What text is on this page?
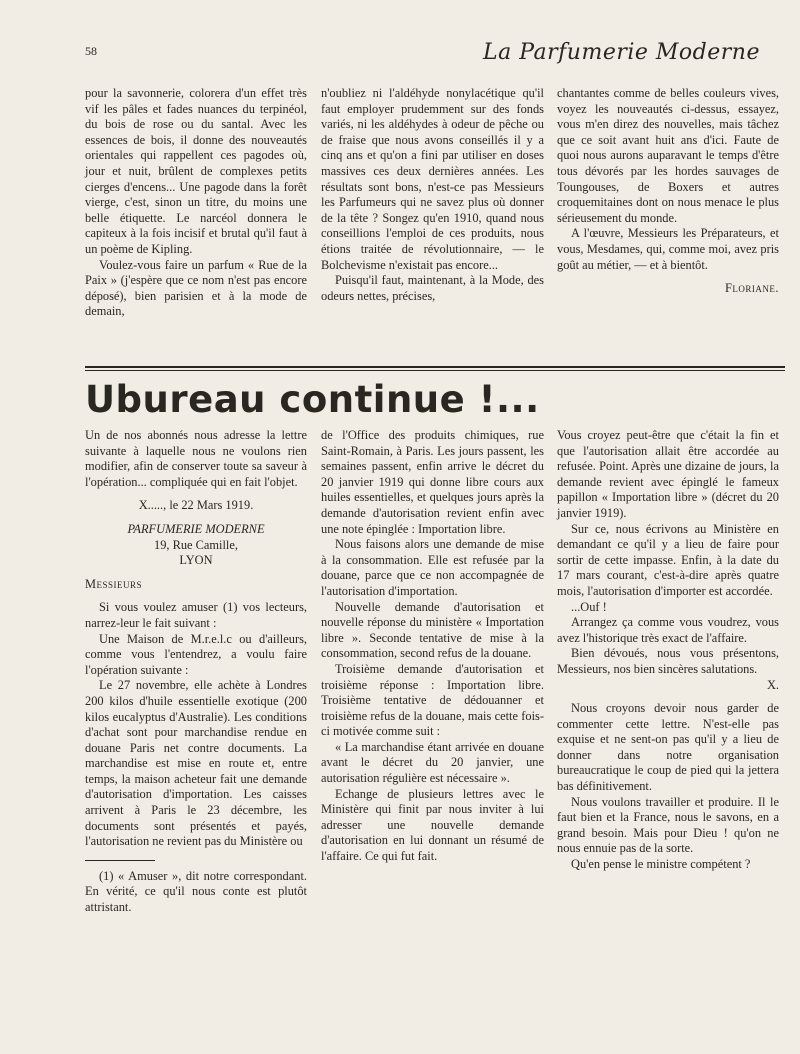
58	La Parfumerie Moderne

pour la savonnerie, colorera d'un effet très vif les pâles et fades nuances du terpinéol, du bois de rose ou du santal. Avec les essences de bois, il donne des nouveautés orientales qui rappellent ces pagodes où, jour et nuit, brûlent de complexes petits cierges d'encens... Une pagode dans la forêt vierge, c'est, sinon un titre, du moins une belle étiquette. Le narcéol donnera le capiteux à la fois incisif et brutal qu'il faut à un poème de Kipling.

Voulez-vous faire un parfum « Rue de la Paix » (j'espère que ce nom n'est pas encore déposé), bien parisien et à la mode de demain,

n'oubliez ni l'aldéhyde nonylacétique qu'il faut employer prudemment sur des fonds variés, ni les aldéhydes à odeur de pêche ou de fraise que nous avons conseillés il y a cinq ans et qu'on a fini par utiliser en doses massives ces deux dernières années. Les résultats sont bons, n'est-ce pas Messieurs les Parfumeurs qui ne savez plus où donner de la tête ? Songez qu'en 1910, quand nous conseillions l'emploi de ces produits, nous étions traitée de révolutionnaire, — le Bolchevisme n'existait pas encore...

Puisqu'il faut, maintenant, à la Mode, des odeurs nettes, précises,

chantantes comme de belles couleurs vives, voyez les nouveautés ci-dessus, essayez, vous m'en direz des nouvelles, mais tâchez que ce soit avant huit ans d'ici. Faute de quoi nous aurons auparavant le temps d'être tous dévorés par les hordes sauvages de Toungouses, de Boxers et autres croquemitaines dont on nous menace le plus sérieusement du monde.

A l'œuvre, Messieurs les Préparateurs, et vous, Mesdames, qui, comme moi, avez pris goût au métier, — et à bientôt.

Floriane.

Ubureau continue !...

Un de nos abonnés nous adresse la lettre suivante à laquelle nous ne voulons rien modifier, afin de conserver toute sa saveur à l'opération... compliquée qui en fait l'objet.

X....., le 22 Mars 1919.

PARFUMERIE MODERNE

19, Rue Camille,

LYON

Messieurs

Si vous voulez amuser (1) vos lecteurs, narrez-leur le fait suivant :

Une Maison de M.r.e.l.c ou d'ailleurs, comme vous l'entendrez, a voulu faire l'opération suivante :

Le 27 novembre, elle achète à Londres 200 kilos d'huile essentielle exotique (200 kilos eucalyptus d'Australie). Les conditions d'achat sont pour marchandise rendue en douane Paris net contre documents. La marchandise est mise en route et, entre temps, la maison acheteur fait une demande d'autorisation d'importation. Les caisses arrivent à Paris le 23 décembre, les documents sont présentés et payés, l'autorisation ne revient pas du Ministère ou

(1) « Amuser », dit notre correspondant. En vérité, ce qu'il nous conte est plutôt attristant.

de l'Office des produits chimiques, rue Saint-Romain, à Paris. Les jours passent, les semaines passent, enfin arrive le décret du 20 janvier 1919 qui donne libre cours aux huiles essentielles, et quelques jours après la demande d'autorisation revient enfin avec une note épinglée : Importation libre.

Nous faisons alors une demande de mise à la consommation. Elle est refusée par la douane, parce que ce non accompagnée de l'autorisation d'importation.

Nouvelle demande d'autorisation et nouvelle réponse du ministère « Importation libre ». Seconde tentative de mise à la consommation, second refus de la douane.

Troisième demande d'autorisation et troisième réponse : Importation libre. Troisième tentative de dédouanner et troisième refus de la douane, mais cette fois-ci motivée comme suit :

« La marchandise étant arrivée en douane avant le décret du 20 janvier, une autorisation régulière est nécessaire ».

Echange de plusieurs lettres avec le Ministère qui finit par nous inviter à lui adresser une nouvelle demande d'autorisation en lui donnant un résumé de l'affaire. Ce qui fut fait.

Vous croyez peut-être que c'était la fin et que l'autorisation allait être accordée au refusée. Point. Après une dizaine de jours, la demande revient avec épinglé le fameux papillon « Importation libre » (décret du 20 janvier 1919).

Sur ce, nous écrivons au Ministère en demandant ce qu'il y a lieu de faire pour sortir de cette impasse. Enfin, à la date du 17 mars courant, c'est-à-dire après quatre mois, l'autorisation d'importer est accordée.

...Ouf !

Arrangez ça comme vous voudrez, vous avez l'historique très exact de l'affaire.

Bien dévoués, nous vous présentons, Messieurs, nos bien sincères salutations.

X.

Nous croyons devoir nous garder de commenter cette lettre. N'est-elle pas exquise et ne sent-on pas qu'il y a lieu de donner dans notre organisation bureaucratique le coup de pied qui la jettera bas définitivement.

Nous voulons travailler et produire. Il le faut bien et la France, nous le savons, en a grand besoin. Mais pour Dieu ! qu'on ne nous ennuie pas de la sorte.

Qu'en pense le ministre compétent ?
